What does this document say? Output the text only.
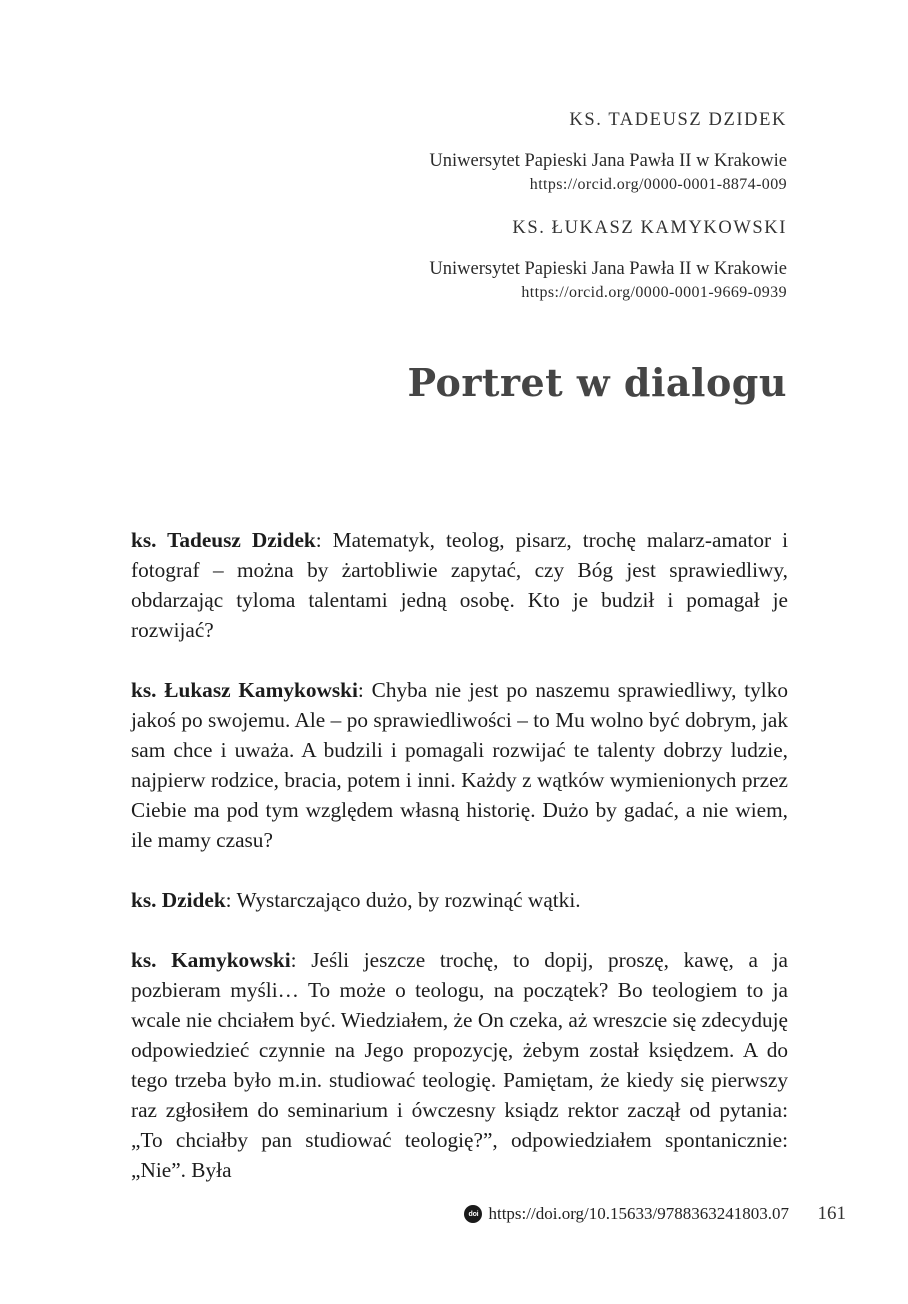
KS. TADEUSZ DZIDEK

Uniwersytet Papieski Jana Pawła II w Krakowie

https://orcid.org/0000-0001-8874-009

KS. ŁUKASZ KAMYKOWSKI

Uniwersytet Papieski Jana Pawła II w Krakowie

https://orcid.org/0000-0001-9669-0939

Portret w dialogu

ks. Tadeusz Dzidek: Matematyk, teolog, pisarz, trochę malarz-amator i fotograf – można by żartobliwie zapytać, czy Bóg jest sprawiedliwy, obdarzając tyloma talentami jedną osobę. Kto je budził i pomagał je rozwijać?

ks. Łukasz Kamykowski: Chyba nie jest po naszemu sprawiedliwy, tylko jakoś po swojemu. Ale – po sprawiedliwości – to Mu wolno być dobrym, jak sam chce i uważa. A budzili i pomagali rozwijać te talenty dobrzy ludzie, najpierw rodzice, bracia, potem i inni. Każdy z wątków wymienionych przez Ciebie ma pod tym względem własną historię. Dużo by gadać, a nie wiem, ile mamy czasu?

ks. Dzidek: Wystarczająco dużo, by rozwinąć wątki.

ks. Kamykowski: Jeśli jeszcze trochę, to dopij, proszę, kawę, a ja pozbieram myśli… To może o teologu, na początek? Bo teologiem to ja wcale nie chciałem być. Wiedziałem, że On czeka, aż wreszcie się zdecyduję odpowiedzieć czynnie na Jego propozycję, żebym został księdzem. A do tego trzeba było m.in. studiować teologię. Pamiętam, że kiedy się pierwszy raz zgłosiłem do seminarium i ówczesny ksiądz rektor zaczął od pytania: „To chciałby pan studiować teologię?”, odpowiedziałem spontanicznie: „Nie”. Była

doi https://doi.org/10.15633/9788363241803.07 161
